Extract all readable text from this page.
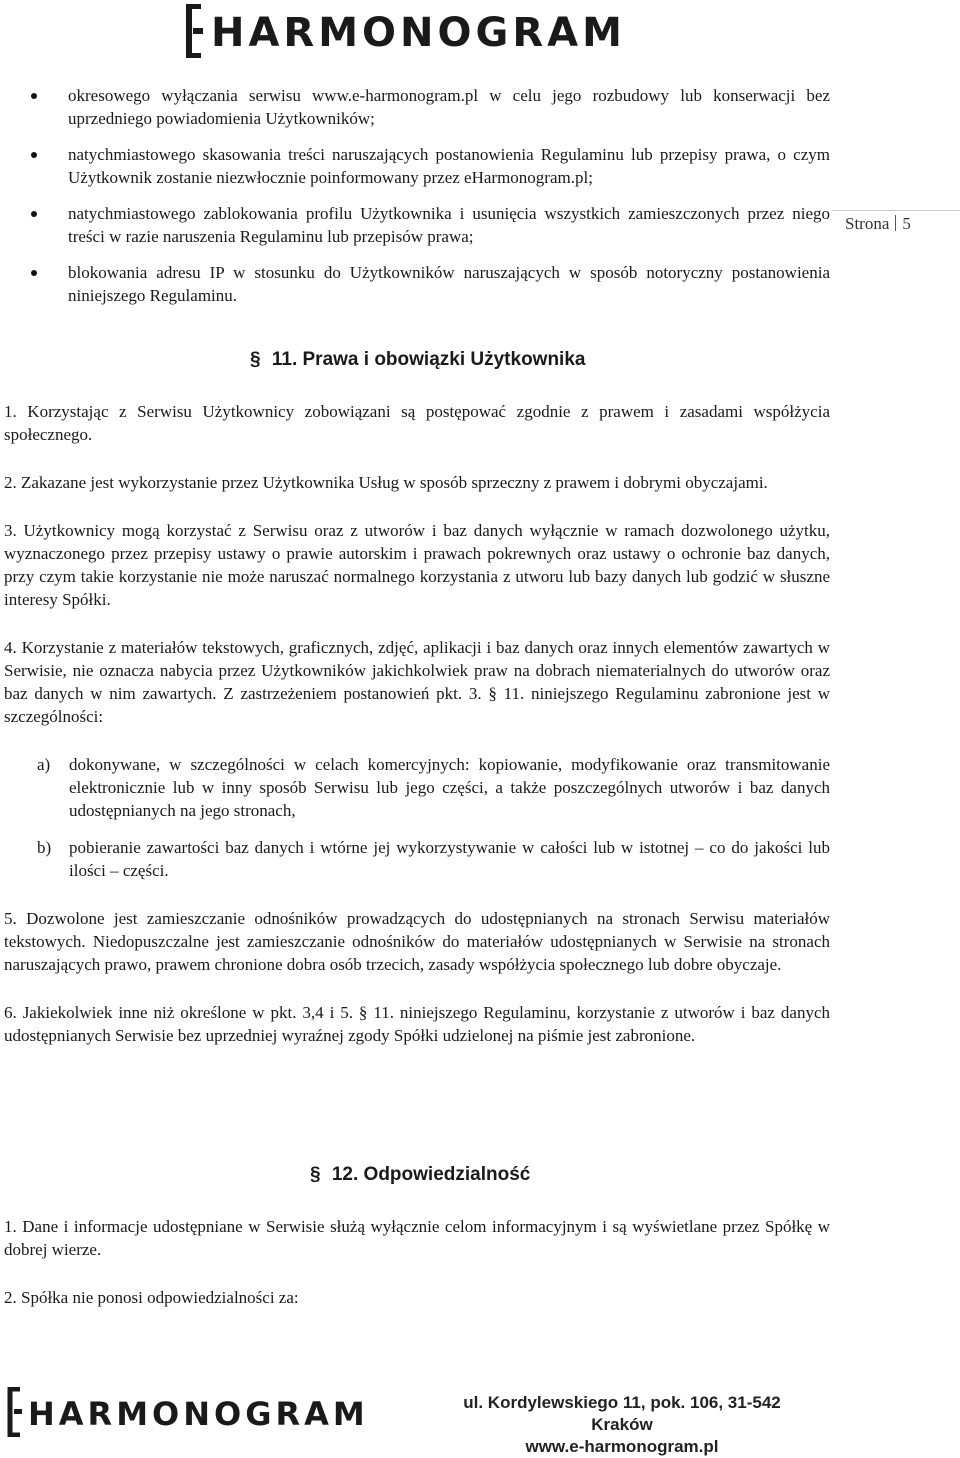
HARMONOGRAM
Strona 5
okresowego wyłączania serwisu www.e-harmonogram.pl w celu jego rozbudowy lub konserwacji bez uprzedniego powiadomienia Użytkowników;
natychmiastowego skasowania treści naruszających postanowienia Regulaminu lub przepisy prawa, o czym Użytkownik zostanie niezwłocznie poinformowany przez eHarmonogram.pl;
natychmiastowego zablokowania profilu Użytkownika i usunięcia wszystkich zamieszczonych przez niego treści w razie naruszenia Regulaminu lub przepisów prawa;
blokowania adresu IP w stosunku do Użytkowników naruszających w sposób notoryczny postanowienia niniejszego Regulaminu.
§ 11. Prawa i obowiązki Użytkownika

1. Korzystając z Serwisu Użytkownicy zobowiązani są postępować zgodnie z prawem i zasadami współżycia społecznego.

2. Zakazane jest wykorzystanie przez Użytkownika Usług w sposób sprzeczny z prawem i dobrymi obyczajami.

3. Użytkownicy mogą korzystać z Serwisu oraz z utworów i baz danych wyłącznie w ramach dozwolonego użytku, wyznaczonego przez przepisy ustawy o prawie autorskim i prawach pokrewnych oraz ustawy o ochronie baz danych, przy czym takie korzystanie nie może naruszać normalnego korzystania z utworu lub bazy danych lub godzić w słuszne interesy Spółki.

4. Korzystanie z materiałów tekstowych, graficznych, zdjęć, aplikacji i baz danych oraz innych elementów zawartych w Serwisie, nie oznacza nabycia przez Użytkowników jakichkolwiek praw na dobrach niematerialnych do utworów oraz baz danych w nim zawartych. Z zastrzeżeniem postanowień pkt. 3. § 11. niniejszego Regulaminu zabronione jest w szczególności:

a) dokonywane, w szczególności w celach komercyjnych: kopiowanie, modyfikowanie oraz transmitowanie elektronicznie lub w inny sposób Serwisu lub jego części, a także poszczególnych utworów i baz danych udostępnianych na jego stronach,
b) pobieranie zawartości baz danych i wtórne jej wykorzystywanie w całości lub w istotnej – co do jakości lub ilości – części.

5. Dozwolone jest zamieszczanie odnośników prowadzących do udostępnianych na stronach Serwisu materiałów tekstowych. Niedopuszczalne jest zamieszczanie odnośników do materiałów udostępnianych w Serwisie na stronach naruszających prawo, prawem chronione dobra osób trzecich, zasady współżycia społecznego lub dobre obyczaje.

6. Jakiekolwiek inne niż określone w pkt. 3,4 i 5. § 11. niniejszego Regulaminu, korzystanie z utworów i baz danych udostępnianych Serwisie bez uprzedniej wyraźnej zgody Spółki udzielonej na piśmie jest zabronione.

§ 12. Odpowiedzialność

1. Dane i informacje udostępniane w Serwisie służą wyłącznie celom informacyjnym i są wyświetlane przez Spółkę w dobrej wierze.

2. Spółka nie ponosi odpowiedzialności za:

HARMONOGRAM	ul. Kordylewskiego 11, pok. 106, 31-542 Kraków
www.e-harmonogram.pl
